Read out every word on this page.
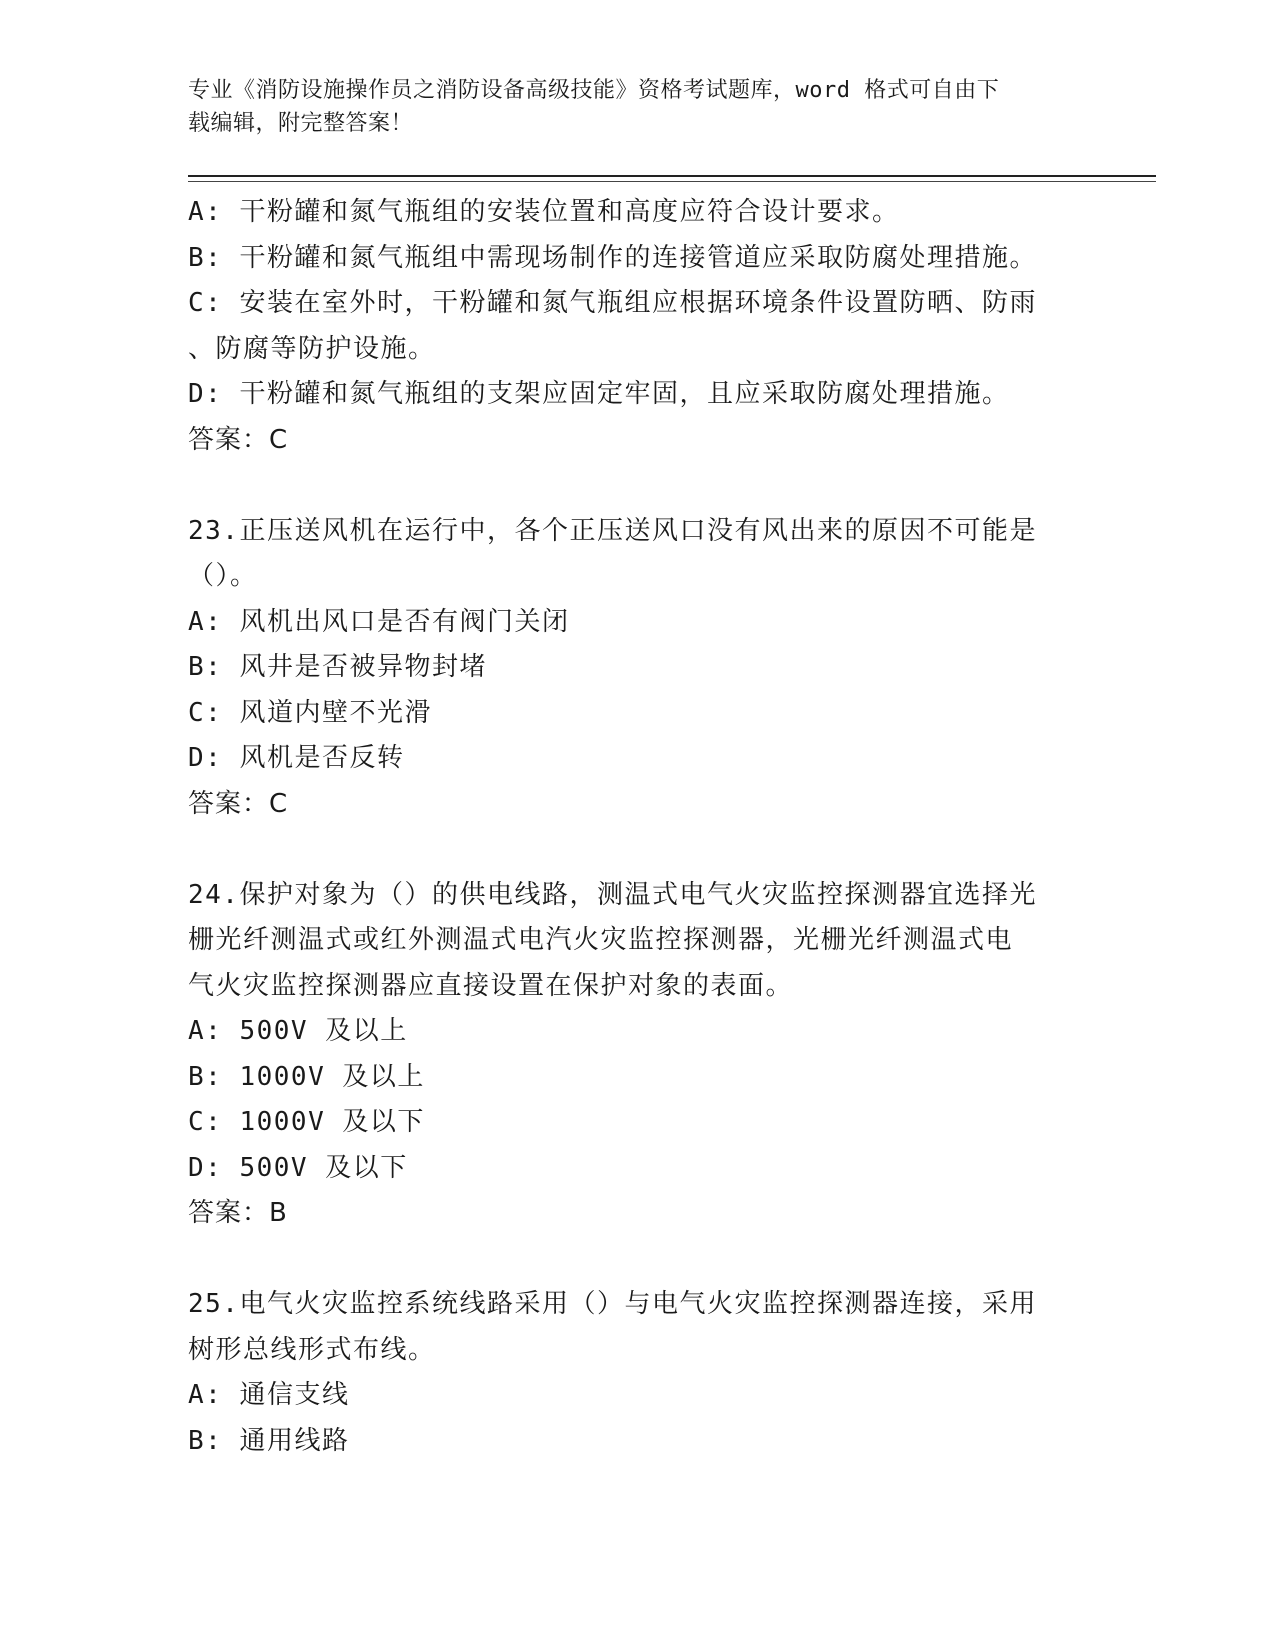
专业《消防设施操作员之消防设备高级技能》资格考试题库，word 格式可自由下
载编辑，附完整答案！
A: 干粉罐和氮气瓶组的安装位置和高度应符合设计要求。
B: 干粉罐和氮气瓶组中需现场制作的连接管道应采取防腐处理措施。
C: 安装在室外时，干粉罐和氮气瓶组应根据环境条件设置防晒、防雨
、防腐等防护设施。
D: 干粉罐和氮气瓶组的支架应固定牢固，且应采取防腐处理措施。
答案：C
23.正压送风机在运行中，各个正压送风口没有风出来的原因不可能是
（）。
A: 风机出风口是否有阀门关闭
B: 风井是否被异物封堵
C: 风道内壁不光滑
D: 风机是否反转
答案：C
24.保护对象为（）的供电线路，测温式电气火灾监控探测器宜选择光
栅光纤测温式或红外测温式电汽火灾监控探测器，光栅光纤测温式电
气火灾监控探测器应直接设置在保护对象的表面。
A: 500V 及以上
B: 1000V 及以上
C: 1000V 及以下
D: 500V 及以下
答案：B
25.电气火灾监控系统线路采用（）与电气火灾监控探测器连接，采用
树形总线形式布线。
A: 通信支线
B: 通用线路
